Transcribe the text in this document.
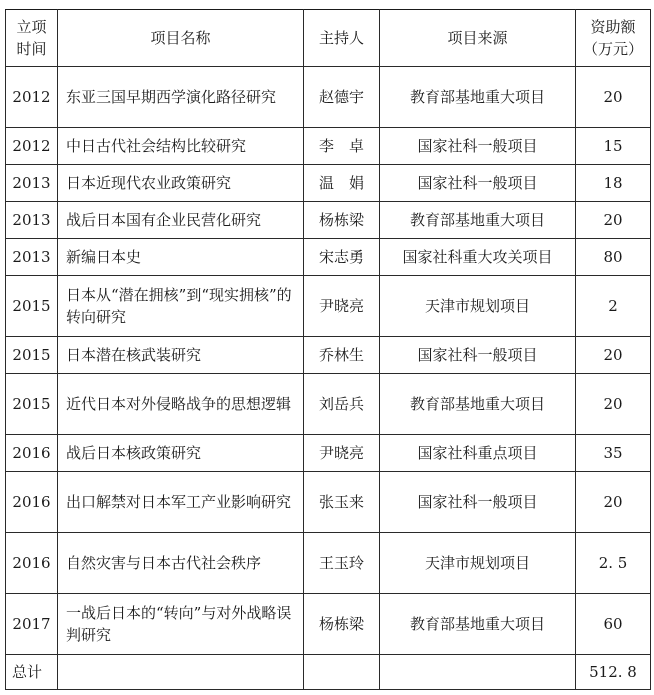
立项
时间	项目名称	主持人	项目来源	资助额
（万元）
2012	东亚三国早期西学演化路径研究	赵德宇	教育部基地重大项目	20
2012	中日古代社会结构比较研究	李　卓	国家社科一般项目	15
2013	日本近现代农业政策研究	温　娟	国家社科一般项目	18
2013	战后日本国有企业民营化研究	杨栋梁	教育部基地重大项目	20
2013	新编日本史	宋志勇	国家社科重大攻关项目	80
2015	日本从“潜在拥核”到“现实拥核”的转向研究	尹晓亮	天津市规划项目	2
2015	日本潜在核武装研究	乔林生	国家社科一般项目	20
2015	近代日本对外侵略战争的思想逻辑	刘岳兵	教育部基地重大项目	20
2016	战后日本核政策研究	尹晓亮	国家社科重点项目	35
2016	出口解禁对日本军工产业影响研究	张玉来	国家社科一般项目	20
2016	自然灾害与日本古代社会秩序	王玉玲	天津市规划项目	2. 5
2017	一战后日本的“转向”与对外战略误判研究	杨栋梁	教育部基地重大项目	60
总计				512. 8
